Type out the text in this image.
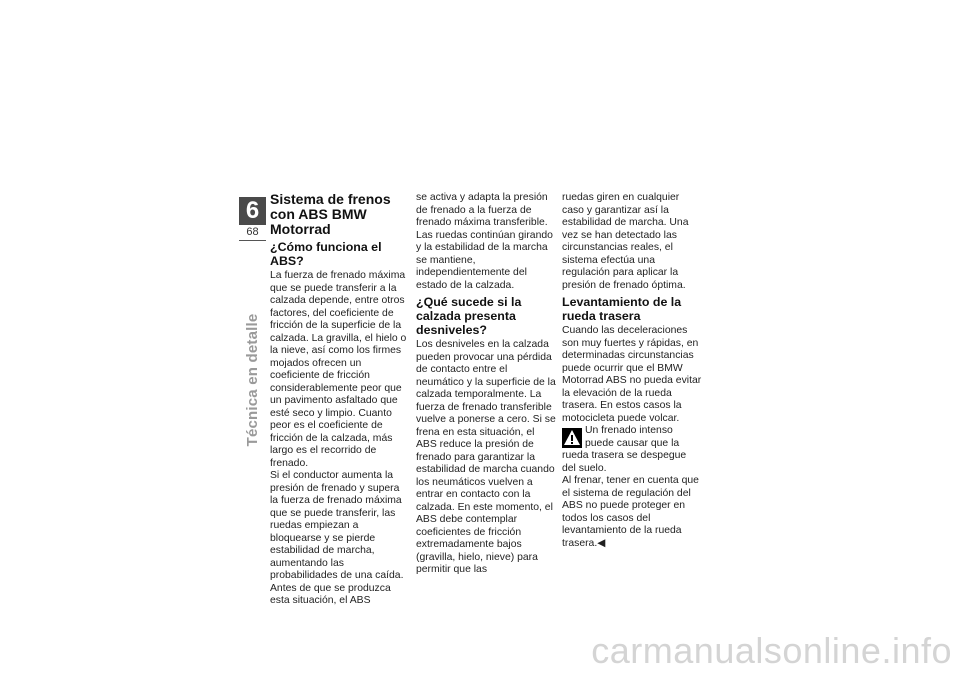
6
68
Técnica en detalle
Sistema de frenos con ABS BMW Motorrad
¿Cómo funciona el ABS?

La fuerza de frenado máxima que se puede transferir a la calzada depende, entre otros factores, del coeficiente de fricción de la superficie de la calzada. La gravilla, el hielo o la nieve, así como los firmes mojados ofrecen un coeficiente de fricción considerablemente peor que un pavimento asfaltado que esté seco y limpio. Cuanto peor es el coeficiente de fricción de la calzada, más largo es el recorrido de frenado.

Si el conductor aumenta la presión de frenado y supera la fuerza de frenado máxima que se puede transferir, las ruedas empiezan a bloquearse y se pierde estabilidad de marcha, aumentando las probabilidades de una caída. Antes de que se produzca esta situación, el ABS

se activa y adapta la presión de frenado a la fuerza de frenado máxima transferible. Las ruedas continúan girando y la estabilidad de la marcha se mantiene, independientemente del estado de la calzada.

¿Qué sucede si la calzada presenta desniveles?

Los desniveles en la calzada pueden provocar una pérdida de contacto entre el neumático y la superficie de la calzada temporalmente. La fuerza de frenado transferible vuelve a ponerse a cero. Si se frena en esta situación, el ABS reduce la presión de frenado para garantizar la estabilidad de marcha cuando los neumáticos vuelven a entrar en contacto con la calzada. En este momento, el ABS debe contemplar coeficientes de fricción extremadamente bajos (gravilla, hielo, nieve) para permitir que las

ruedas giren en cualquier caso y garantizar así la estabilidad de marcha. Una vez se han detectado las circunstancias reales, el sistema efectúa una regulación para aplicar la presión de frenado óptima.

Levantamiento de la rueda trasera

Cuando las deceleraciones son muy fuertes y rápidas, en determinadas circunstancias puede ocurrir que el BMW Motorrad ABS no pueda evitar la elevación de la rueda trasera. En estos casos la motocicleta puede volcar.

Un frenado intenso puede causar que la rueda trasera se despegue del suelo.

Al frenar, tener en cuenta que el sistema de regulación del ABS no puede proteger en todos los casos del levantamiento de la rueda trasera.◀

carmanualsonline.info
